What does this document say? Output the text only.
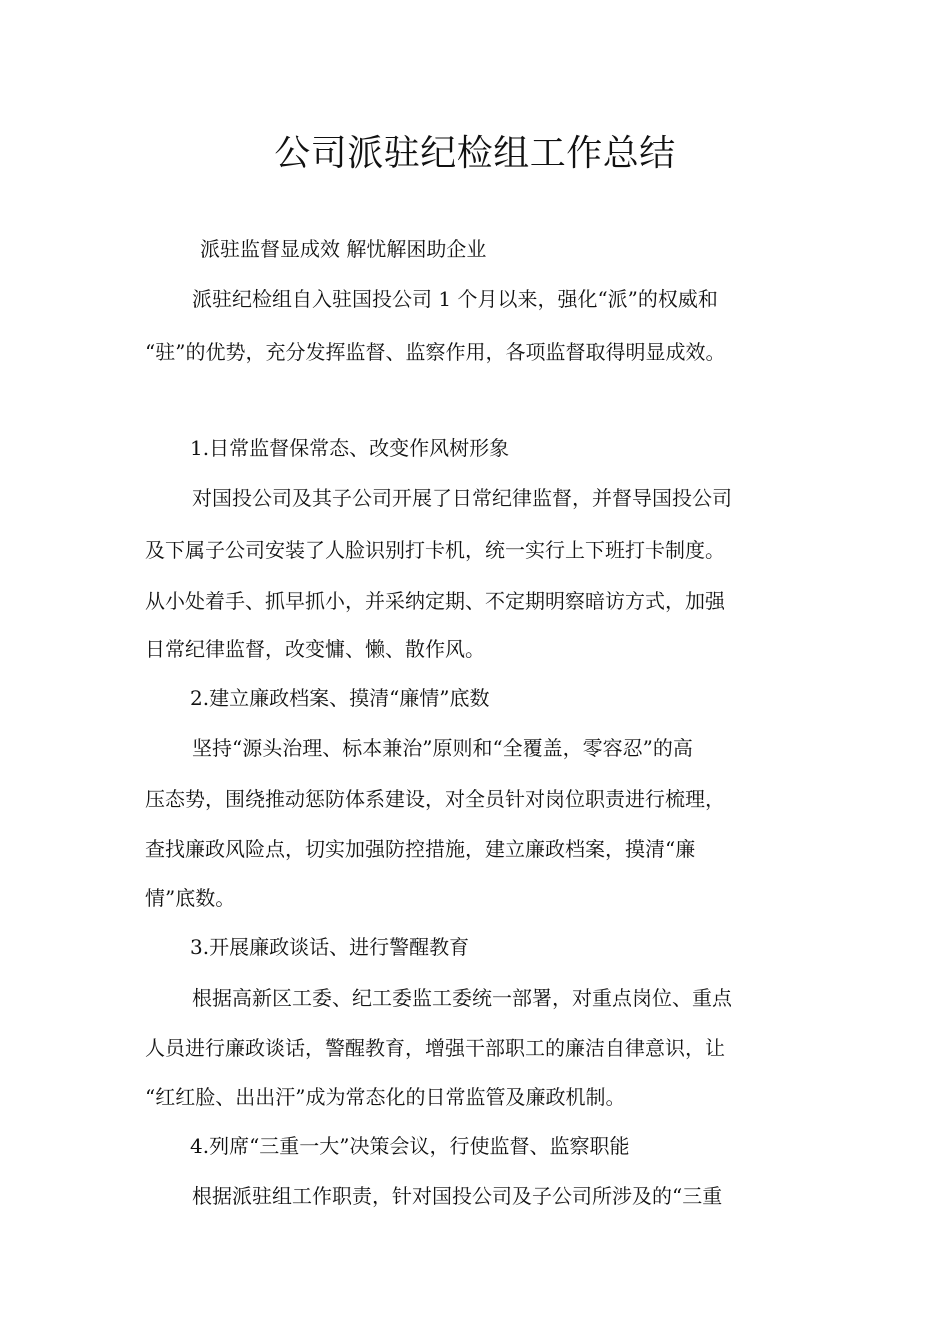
公司派驻纪检组工作总结

派驻监督显成效 解忧解困助企业

派驻纪检组自入驻国投公司 1 个月以来，强化“派”的权威和

“驻”的优势，充分发挥监督、监察作用，各项监督取得明显成效。

1.日常监督保常态、改变作风树形象

对国投公司及其子公司开展了日常纪律监督，并督导国投公司

及下属子公司安装了人脸识别打卡机，统一实行上下班打卡制度。

从小处着手、抓早抓小，并采纳定期、不定期明察暗访方式，加强

日常纪律监督，改变慵、懒、散作风。

2.建立廉政档案、摸清“廉情”底数

坚持“源头治理、标本兼治”原则和“全覆盖，零容忍”的高

压态势，围绕推动惩防体系建设，对全员针对岗位职责进行梳理，

查找廉政风险点，切实加强防控措施，建立廉政档案，摸清“廉

情”底数。

3.开展廉政谈话、进行警醒教育

根据高新区工委、纪工委监工委统一部署，对重点岗位、重点

人员进行廉政谈话，警醒教育，增强干部职工的廉洁自律意识，让

“红红脸、出出汗”成为常态化的日常监管及廉政机制。

4.列席“三重一大”决策会议，行使监督、监察职能

根据派驻组工作职责，针对国投公司及子公司所涉及的“三重
